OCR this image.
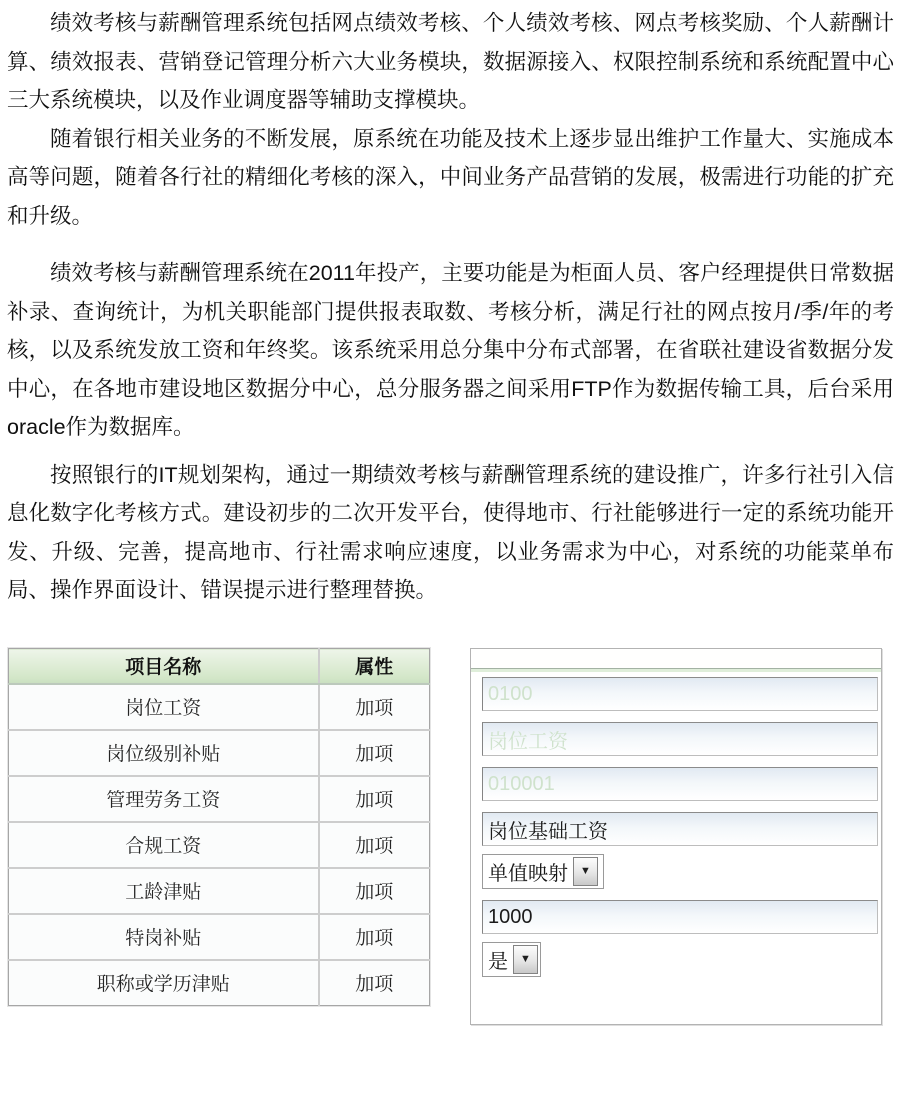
绩效考核与薪酬管理系统包括网点绩效考核、个人绩效考核、网点考核奖励、个人薪酬计算、绩效报表、营销登记管理分析六大业务模块，数据源接入、权限控制系统和系统配置中心三大系统模块，以及作业调度器等辅助支撑模块。

随着银行相关业务的不断发展，原系统在功能及技术上逐步显出维护工作量大、实施成本高等问题，随着各行社的精细化考核的深入，中间业务产品营销的发展，极需进行功能的扩充和升级。

绩效考核与薪酬管理系统在2011年投产，主要功能是为柜面人员、客户经理提供日常数据补录、查询统计，为机关职能部门提供报表取数、考核分析，满足行社的网点按月/季/年的考核，以及系统发放工资和年终奖。该系统采用总分集中分布式部署，在省联社建设省数据分发中心，在各地市建设地区数据分中心，总分服务器之间采用FTP作为数据传输工具，后台采用oracle作为数据库。

按照银行的IT规划架构，通过一期绩效考核与薪酬管理系统的建设推广，许多行社引入信息化数字化考核方式。建设初步的二次开发平台，使得地市、行社能够进行一定的系统功能开发、升级、完善，提高地市、行社需求响应速度，以业务需求为中心，对系统的功能菜单布局、操作界面设计、错误提示进行整理替换。

项目名称	属性
岗位工资	加项
岗位级别补贴	加项
管理劳务工资	加项
合规工资	加项
工龄津贴	加项
特岗补贴	加项
职称或学历津贴	加项
0100
岗位工资
010001
岗位基础工资
单值映射 ▼
1000
是 ▼
